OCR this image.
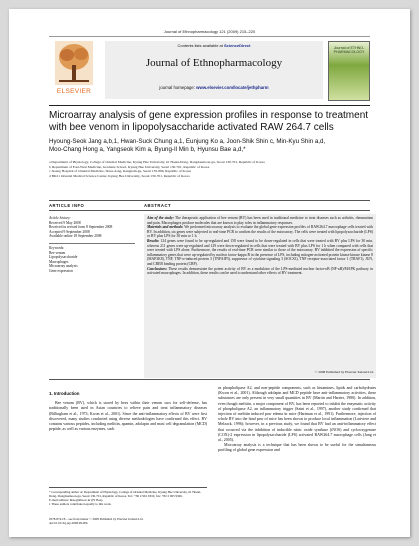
Journal of Ethnopharmacology 121 (2009) 215–220
ELSEVIER
Contents lists available at ScienceDirect
Journal of Ethnopharmacology
journal homepage: www.elsevier.com/locate/jethpharm
Journal of ETHNO-PHARMACOLOGY
Microarray analysis of gene expression profiles in response to treatment with bee venom in lipopolysaccharide activated RAW 264.7 cells
Hyoung-Seok Jang a,b,1, Hwan-Suck Chung a,1, Eunjung Ko a, Joon-Shik Shin c, Min-Kyu Shin a,d,
Moo-Chang Hong a, Yangseok Kim a, Byung-Il Min b, Hyunsu Bae a,d,*
a Department of Physiology, College of Oriental Medicine, Kyung Hee University, #1 Hoeki-Dong, Dongdaemoon-gu, Seoul 130-701, Republic of Korea
b Department of East-West Medicine, Graduate School, Kyung Hee University, Seoul 130-701, Republic of Korea
c Jaseng Hospital of Oriental Medicine, Sinsa-dong, Kangnam-gu, Seoul 135-896, Republic of Korea
d BK21 Oriental Medical Science Center, Kyung Hee University, Seoul 130-701, Republic of Korea
ARTICLE INFO	ABSTRACT
Article history:
Received 9 May 2008
Received in revised form 8 September 2008
Accepted 9 September 2008
Available online 18 September 2008
Keywords:
Bee venom
Lipopolysaccharide
Macrophages
Microarray analysis
Gene expression
Aim of the study: The therapeutic application of bee venom (BV) has been used in traditional medicine to treat diseases such as arthritis, rheumatism and pain. Macrophages produce molecules that are known to play roles in inflammatory responses.
Materials and methods: We performed microarray analysis to evaluate the global gene expression profiles of RAW264.7 macrophage cells treated with BV. In addition, six genes were subjected to real-time PCR to confirm the results of the microarray. The cells were treated with lipopolysaccharide (LPS) or BV plus LPS for 30 min or 1 h.
Results: 124 genes were found to be up-regulated and 158 were found to be down-regulated in cells that were treated with BV plus LPS for 30 min, whereas 211 genes were up-regulated and 129 were down-regulated in cells that were treated with BV plus LPS for 1 h when compared with cells that were treated with LPS alone. Furthermore, the results of real-time PCR were similar to those of the microarray. BV inhibited the expression of specific inflammatory genes that were up-regulated by nuclear factor-kappa B in the presence of LPS, including mitogen-activated protein kinase kinase kinase 8 (MAP3K8), TNF, TNF-α-induced protein 3 (TNFAIP3), suppressor of cytokine signaling 3 (SOCS3), TNF receptor-associated factor 1 (TRAF1), JUN, and CREB binding protein (CBP).
Conclusions: These results demonstrate the potent activity of BV as a modulator of the LPS-mediated nuclear factor-κB (NF-κB)/MAPK pathway in activated macrophages. In addition, these results can be used to understand other effects of BV treatment.
© 2008 Published by Elsevier Ireland Ltd.
1. Introduction
Bee venom (BV), which is stored by bees within their venom sacs for self-defense, has traditionally been used in Asian countries to relieve pain and treat inflammatory diseases (Billingham et al., 1973; Kwon et al., 2001). Since the anti-inflammatory effects of BV were first discovered, many studies conducted using diverse methodologies have confirmed this effect. BV contains various peptides, including melittin, apamin, adolapin and mast cell degranulation (MCD) peptide, as well as various enzymes, such
as phospholipase A2, and non-peptide components, such as histamines, lipids and carbohydrates (Kwon et al., 2001). Although adolapin and MCD peptide have anti-inflammatory activities, these substances are only present in very small quantities in BV (Martin and Hartter, 1980). In addition, even though melittin, a major component of BV, has been reported to inhibit the enzymatic activity of phospholipase A2, an inflammatory trigger (Saini et al., 1997), another study confirmed that injection of melittin induced paw edema in mice (Hartman et al., 1991). Furthermore, injection of whole BV into the hind paw of mice has been shown to produce local inflammation (Lariviere and Melzack, 1996); however, in a previous study, we found that BV had an anti-inflammatory effect that occurred via the inhibition of inducible nitric oxide synthase (iNOS) and cyclooxygenase (COX)-2 expression in lipopolysaccharide (LPS) activated RAW264.7 macrophage cells (Jang et al., 2005).
Microarray analysis is a technique that has been shown to be useful for the simultaneous profiling of global gene expression and
* Corresponding author at: Department of Physiology, College of Oriental Medicine, Kyung Hee University, #1 Hoeki-Dong, Dongdaemoon-gu, Seoul 130-701, Republic of Korea. Tel.: +82 2 961 9316; fax: +82 2 965 9366.
E-mail address: hbae@khu.ac.kr (H. Bae).
1 These authors contributed equally to this work.
0378-8741/$ – see front matter © 2008 Published by Elsevier Ireland Ltd.
doi:10.1016/j.jep.2008.09.006
